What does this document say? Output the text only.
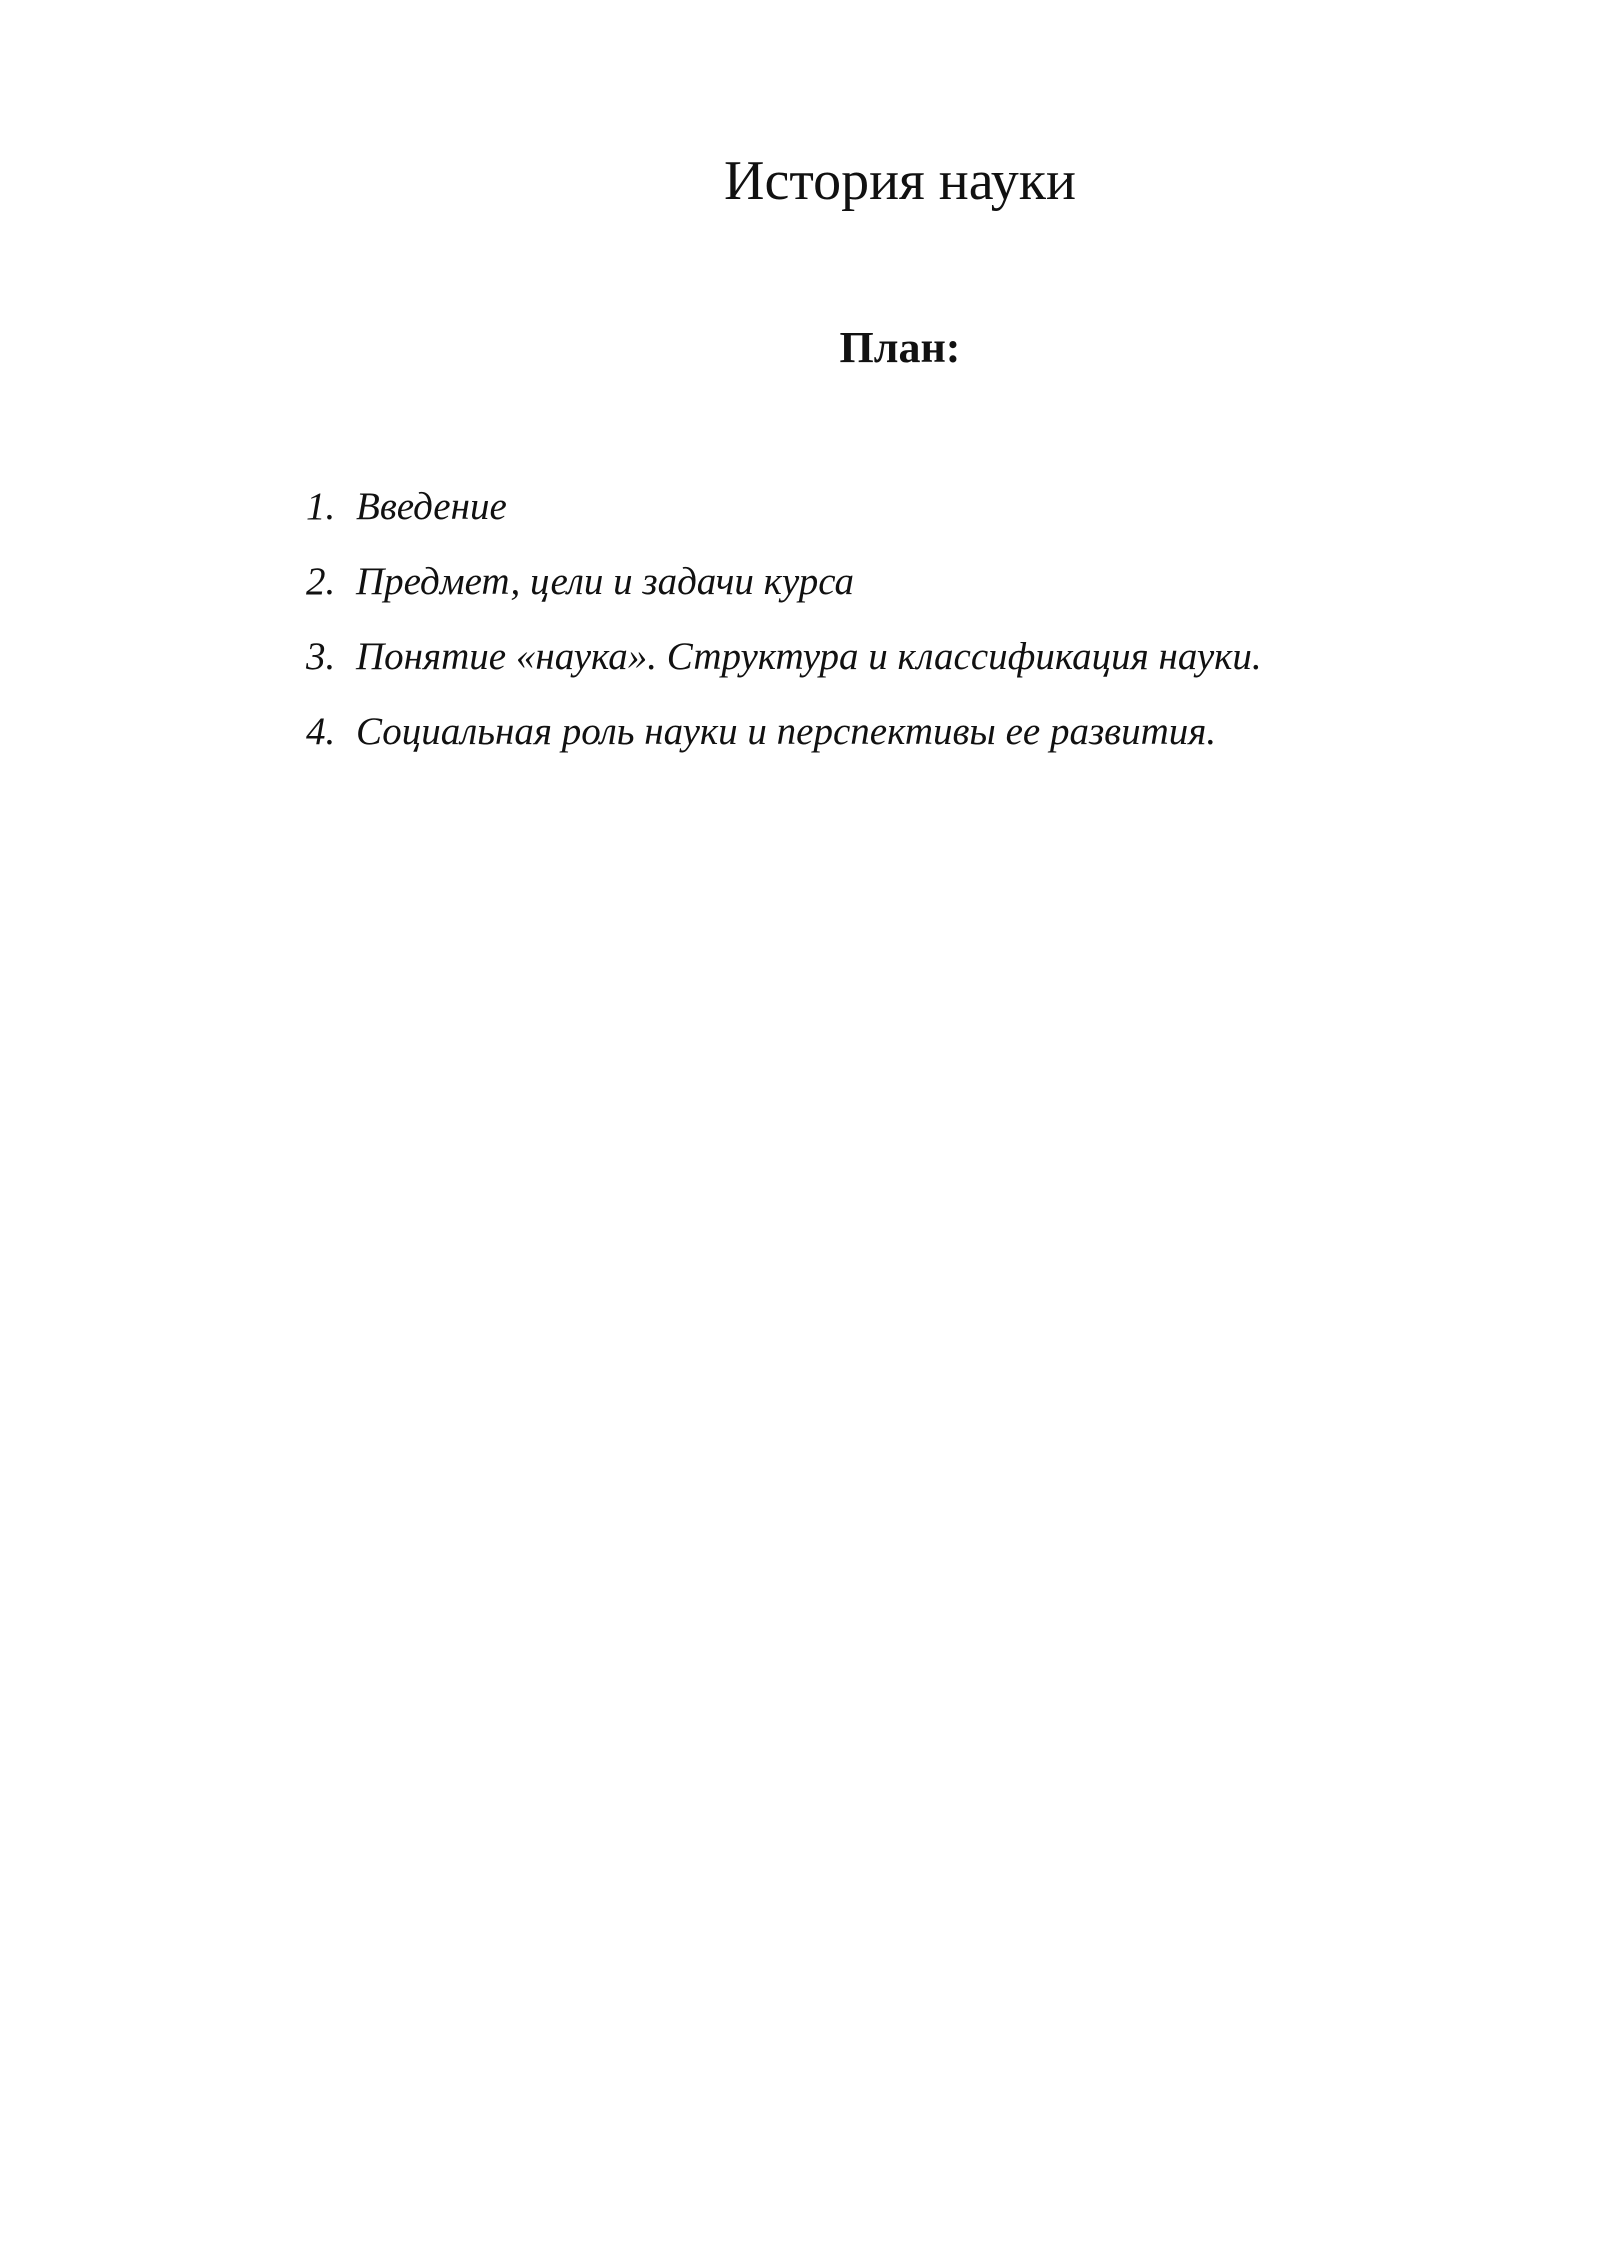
История науки
План:
1. Введение
2. Предмет, цели и задачи курса
3. Понятие «наука». Структура и классификация науки.
4. Социальная роль науки и перспективы ее развития.
